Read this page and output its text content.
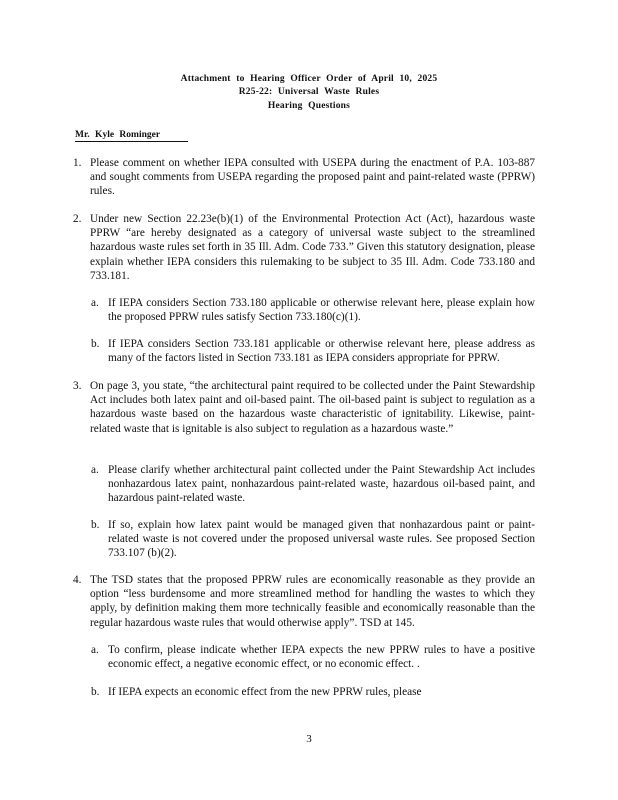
Attachment to Hearing Officer Order of April 10, 2025
R25-22: Universal Waste Rules
Hearing Questions
Mr. Kyle Rominger
1. Please comment on whether IEPA consulted with USEPA during the enactment of P.A. 103-887 and sought comments from USEPA regarding the proposed paint and paint-related waste (PPRW) rules.
2. Under new Section 22.23e(b)(1) of the Environmental Protection Act (Act), hazardous waste PPRW “are hereby designated as a category of universal waste subject to the streamlined hazardous waste rules set forth in 35 Ill. Adm. Code 733.” Given this statutory designation, please explain whether IEPA considers this rulemaking to be subject to 35 Ill. Adm. Code 733.180 and 733.181.
a. If IEPA considers Section 733.180 applicable or otherwise relevant here, please explain how the proposed PPRW rules satisfy Section 733.180(c)(1).
b. If IEPA considers Section 733.181 applicable or otherwise relevant here, please address as many of the factors listed in Section 733.181 as IEPA considers appropriate for PPRW.
3. On page 3, you state, “the architectural paint required to be collected under the Paint Stewardship Act includes both latex paint and oil-based paint. The oil-based paint is subject to regulation as a hazardous waste based on the hazardous waste characteristic of ignitability. Likewise, paint-related waste that is ignitable is also subject to regulation as a hazardous waste.”
a. Please clarify whether architectural paint collected under the Paint Stewardship Act includes nonhazardous latex paint, nonhazardous paint-related waste, hazardous oil-based paint, and hazardous paint-related waste.
b. If so, explain how latex paint would be managed given that nonhazardous paint or paint-related waste is not covered under the proposed universal waste rules. See proposed Section 733.107 (b)(2).
4. The TSD states that the proposed PPRW rules are economically reasonable as they provide an option “less burdensome and more streamlined method for handling the wastes to which they apply, by definition making them more technically feasible and economically reasonable than the regular hazardous waste rules that would otherwise apply”. TSD at 145.
a. To confirm, please indicate whether IEPA expects the new PPRW rules to have a positive economic effect, a negative economic effect, or no economic effect. .
b. If IEPA expects an economic effect from the new PPRW rules, please
3
